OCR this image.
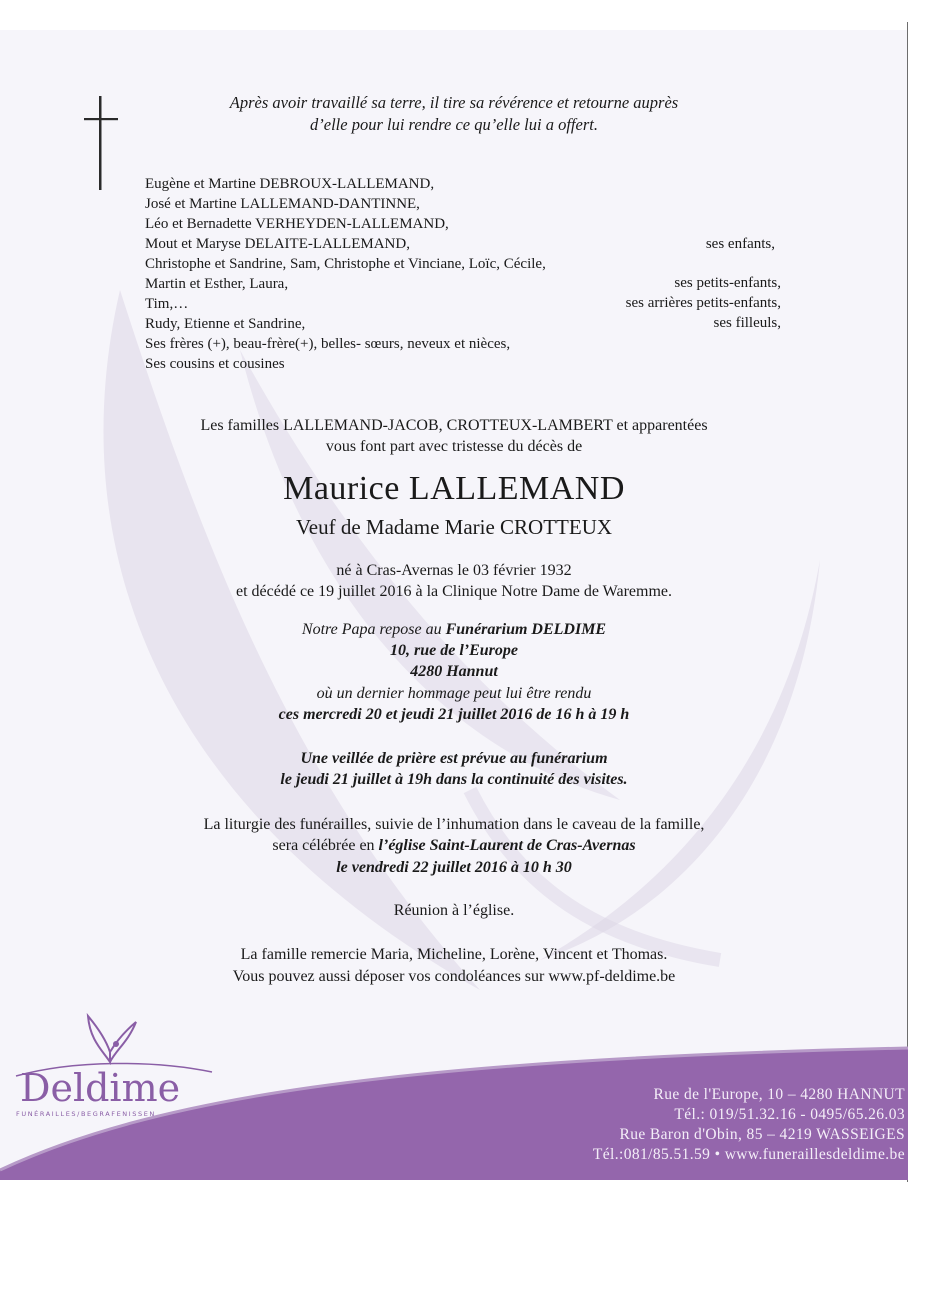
Après avoir travaillé sa terre, il tire sa révérence et retourne auprès
d’elle pour lui rendre ce qu’elle lui a offert.
Eugène et Martine DEBROUX-LALLEMAND,
José et Martine LALLEMAND-DANTINNE,
Léo et Bernadette VERHEYDEN-LALLEMAND,
Mout et Maryse DELAITE-LALLEMAND,
Christophe et Sandrine, Sam, Christophe et Vinciane, Loïc, Cécile,
Martin et Esther, Laura,
Tim,…
Rudy, Etienne et Sandrine,
Ses frères (+), beau-frère(+), belles- sœurs, neveux et nièces,
Ses cousins et cousines
ses enfants,
ses petits-enfants,
ses arrières petits-enfants,
ses filleuls,
Les familles LALLEMAND-JACOB, CROTTEUX-LAMBERT et apparentées
vous font part avec tristesse du décès de
Maurice LALLEMAND
Veuf de Madame Marie CROTTEUX
né à Cras-Avernas le 03 février 1932
et décédé ce 19 juillet 2016 à la Clinique Notre Dame de Waremme.
Notre Papa repose au Funérarium DELDIME
10, rue de l’Europe
4280 Hannut
où un dernier hommage peut lui être rendu
ces mercredi 20 et jeudi 21 juillet 2016 de 16 h à 19 h
Une veillée de prière est prévue au funérarium
le jeudi 21 juillet à 19h dans la continuité des visites.
La liturgie des funérailles, suivie de l’inhumation dans le caveau de la famille,
sera célébrée en l’église Saint-Laurent de Cras-Avernas
le vendredi 22 juillet 2016 à 10 h 30
Réunion à l’église.
La famille remercie Maria, Micheline, Lorène, Vincent et Thomas.
Vous pouvez aussi déposer vos condoléances sur www.pf-deldime.be
Deldime
FUNÉRAILLES/BEGRAFENISSEN
Rue de l'Europe, 10 – 4280 HANNUT
Tél.: 019/51.32.16 - 0495/65.26.03
Rue Baron d'Obin, 85 – 4219 WASSEIGES
Tél.:081/85.51.59 • www.funeraillesdeldime.be
